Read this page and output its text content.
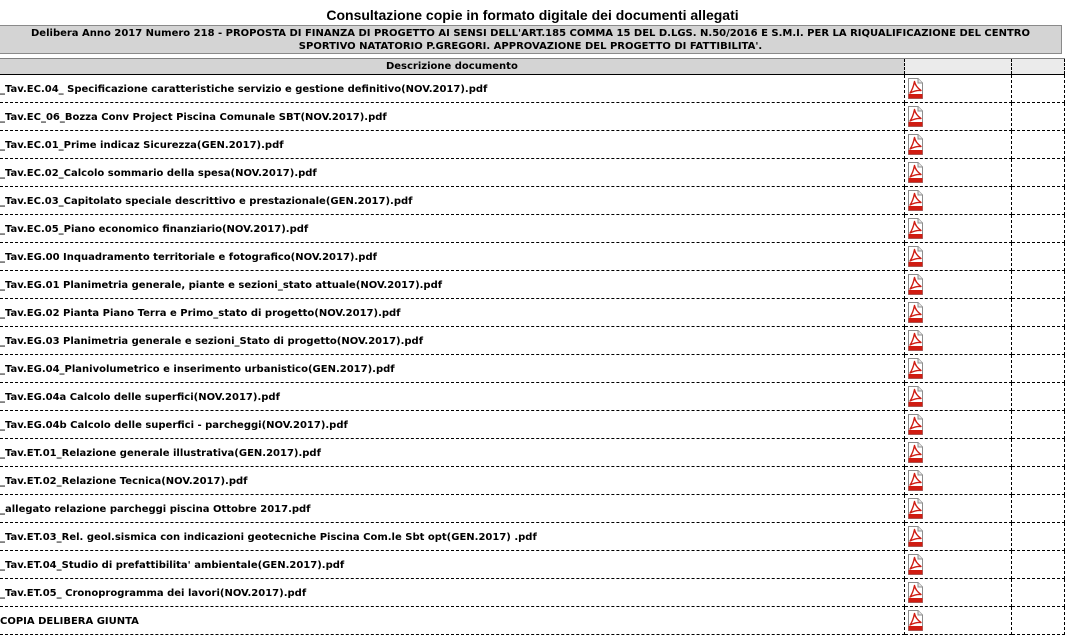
Consultazione copie in formato digitale dei documenti allegati
Delibera Anno 2017 Numero 218 - PROPOSTA DI FINANZA DI PROGETTO AI SENSI DELL'ART.185 COMMA 15 DEL D.LGS. N.50/2016 E S.M.I. PER LA RIQUALIFICAZIONE DEL CENTRO
SPORTIVO NATATORIO P.GREGORI. APPROVAZIONE DEL PROGETTO DI FATTIBILITA'.
Descrizione documento		
_Tav.EC.04_ Specificazione caratteristiche servizio e gestione definitivo(NOV.2017).pdf	

_Tav.EC_06_Bozza Conv Project Piscina Comunale SBT(NOV.2017).pdf	

_Tav.EC.01_Prime indicaz Sicurezza(GEN.2017).pdf	

_Tav.EC.02_Calcolo sommario della spesa(NOV.2017).pdf	

_Tav.EC.03_Capitolato speciale descrittivo e prestazionale(GEN.2017).pdf	

_Tav.EC.05_Piano economico finanziario(NOV.2017).pdf	

_Tav.EG.00 Inquadramento territoriale e fotografico(NOV.2017).pdf	

_Tav.EG.01 Planimetria generale, piante e sezioni_stato attuale(NOV.2017).pdf	

_Tav.EG.02 Pianta Piano Terra e Primo_stato di progetto(NOV.2017).pdf	

_Tav.EG.03 Planimetria generale e sezioni_Stato di progetto(NOV.2017).pdf	

_Tav.EG.04_Planivolumetrico e inserimento urbanistico(GEN.2017).pdf	

_Tav.EG.04a Calcolo delle superfici(NOV.2017).pdf	

_Tav.EG.04b Calcolo delle superfici - parcheggi(NOV.2017).pdf	

_Tav.ET.01_Relazione generale illustrativa(GEN.2017).pdf	

_Tav.ET.02_Relazione Tecnica(NOV.2017).pdf	

_allegato relazione parcheggi piscina Ottobre 2017.pdf	

_Tav.ET.03_Rel. geol.sismica con indicazioni geotecniche Piscina Com.le Sbt opt(GEN.2017) .pdf	

_Tav.ET.04_Studio di prefattibilita' ambientale(GEN.2017).pdf	

_Tav.ET.05_ Cronoprogramma dei lavori(NOV.2017).pdf	

COPIA DELIBERA GIUNTA	
